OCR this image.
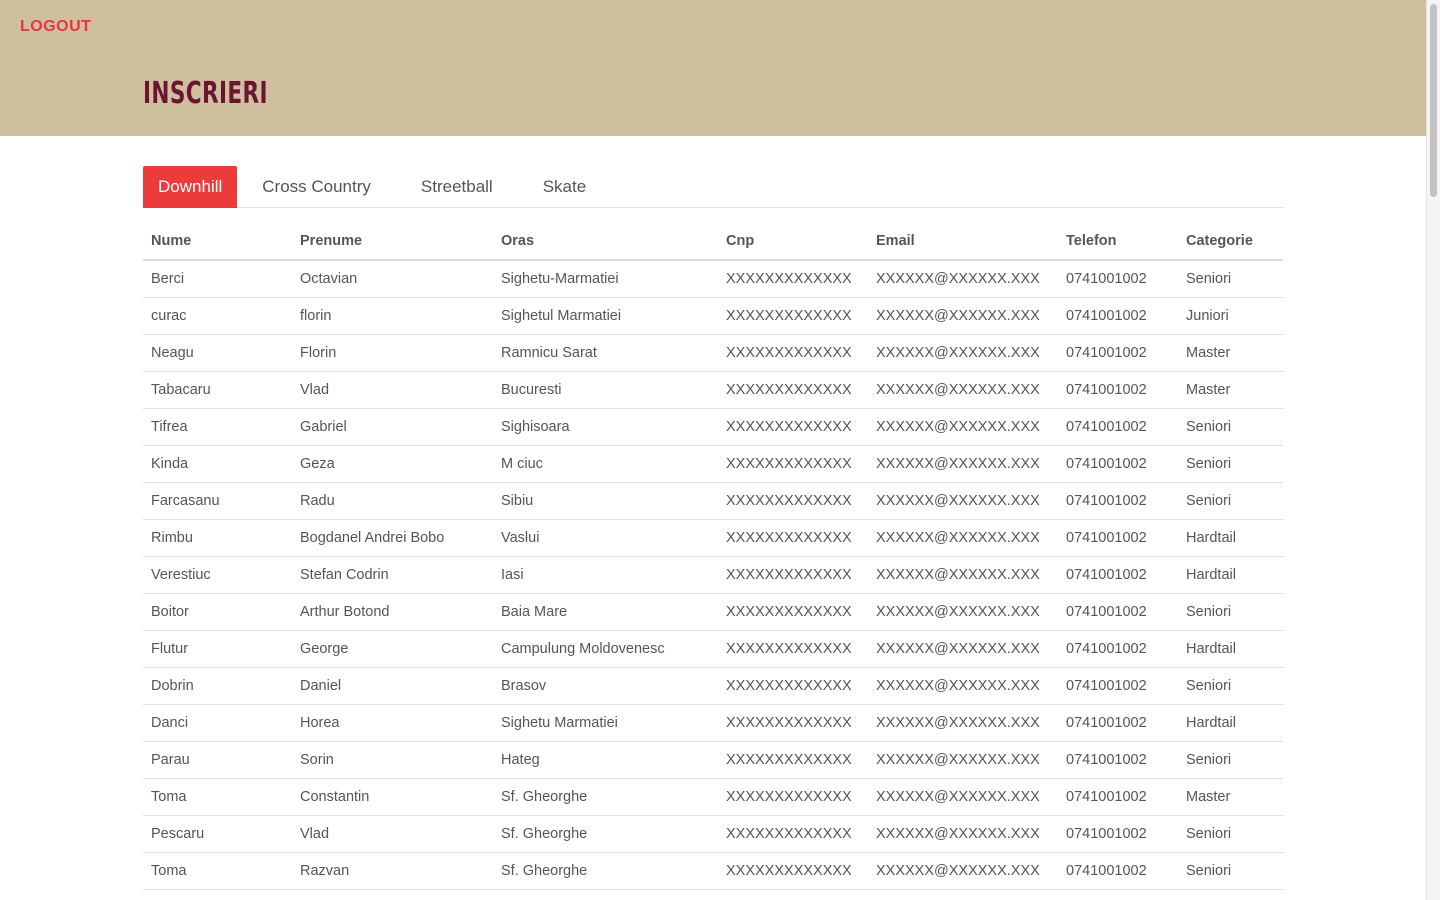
LOGOUT
INSCRIERI
Downhill	Cross Country	Streetball	Skate
Nume	Prenume	Oras	Cnp	Email	Telefon	Categorie
Berci	Octavian	Sighetu-Marmatiei	XXXXXXXXXXXXX	XXXXXX@XXXXXX.XXX	0741001002	Seniori
curac	florin	Sighetul Marmatiei	XXXXXXXXXXXXX	XXXXXX@XXXXXX.XXX	0741001002	Juniori
Neagu	Florin	Ramnicu Sarat	XXXXXXXXXXXXX	XXXXXX@XXXXXX.XXX	0741001002	Master
Tabacaru	Vlad	Bucuresti	XXXXXXXXXXXXX	XXXXXX@XXXXXX.XXX	0741001002	Master
Tifrea	Gabriel	Sighisoara	XXXXXXXXXXXXX	XXXXXX@XXXXXX.XXX	0741001002	Seniori
Kinda	Geza	M ciuc	XXXXXXXXXXXXX	XXXXXX@XXXXXX.XXX	0741001002	Seniori
Farcasanu	Radu	Sibiu	XXXXXXXXXXXXX	XXXXXX@XXXXXX.XXX	0741001002	Seniori
Rimbu	Bogdanel Andrei Bobo	Vaslui	XXXXXXXXXXXXX	XXXXXX@XXXXXX.XXX	0741001002	Hardtail
Verestiuc	Stefan Codrin	Iasi	XXXXXXXXXXXXX	XXXXXX@XXXXXX.XXX	0741001002	Hardtail
Boitor	Arthur Botond	Baia Mare	XXXXXXXXXXXXX	XXXXXX@XXXXXX.XXX	0741001002	Seniori
Flutur	George	Campulung Moldovenesc	XXXXXXXXXXXXX	XXXXXX@XXXXXX.XXX	0741001002	Hardtail
Dobrin	Daniel	Brasov	XXXXXXXXXXXXX	XXXXXX@XXXXXX.XXX	0741001002	Seniori
Danci	Horea	Sighetu Marmatiei	XXXXXXXXXXXXX	XXXXXX@XXXXXX.XXX	0741001002	Hardtail
Parau	Sorin	Hateg	XXXXXXXXXXXXX	XXXXXX@XXXXXX.XXX	0741001002	Seniori
Toma	Constantin	Sf. Gheorghe	XXXXXXXXXXXXX	XXXXXX@XXXXXX.XXX	0741001002	Master
Pescaru	Vlad	Sf. Gheorghe	XXXXXXXXXXXXX	XXXXXX@XXXXXX.XXX	0741001002	Seniori
Toma	Razvan	Sf. Gheorghe	XXXXXXXXXXXXX	XXXXXX@XXXXXX.XXX	0741001002	Seniori
